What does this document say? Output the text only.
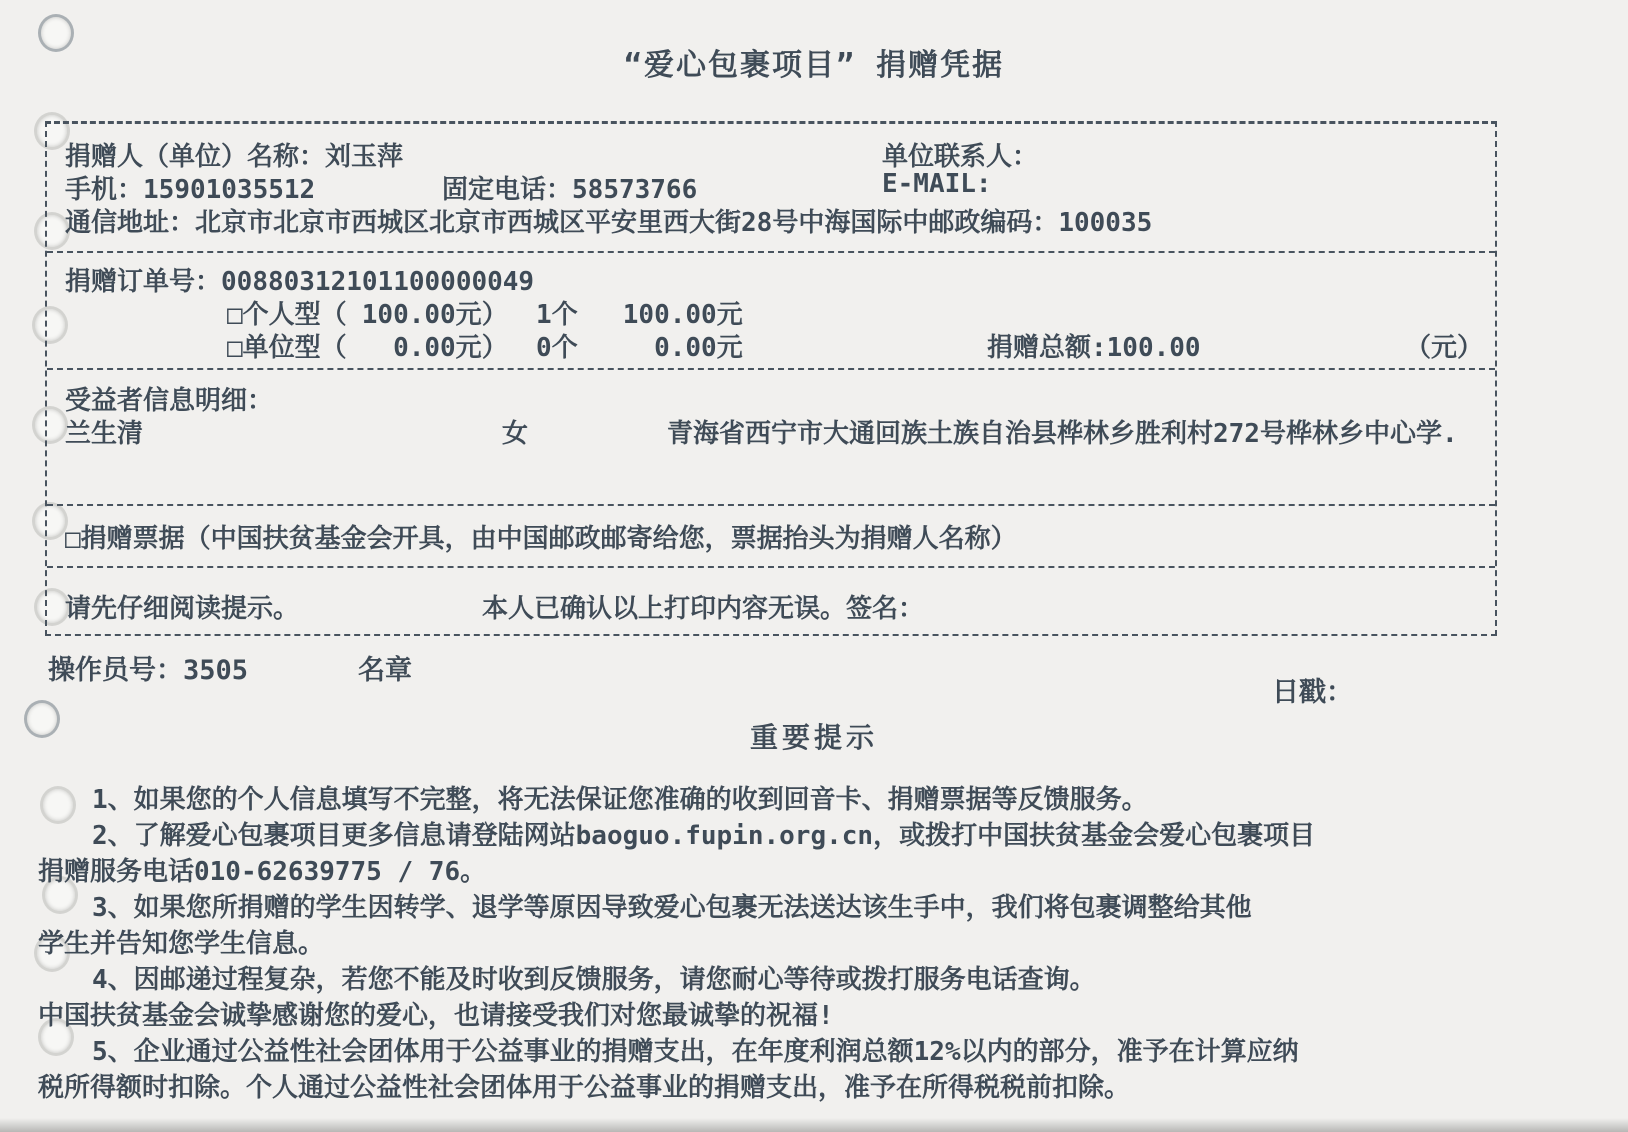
“爱心包裹项目” 捐赠凭据
捐赠人（单位）名称：刘玉萍	单位联系人：
手机：15901035512	固定电话：58573766	E-MAIL:
通信地址：北京市北京市西城区北京市西城区平安里西大街28号中海国际中邮政编码：100035
捐赠订单号：00880312101100000049
□个人型（ 100.00元） 1个 100.00元
□单位型（ 0.00元） 0个	0.00元	捐赠总额:100.00	（元）
受益者信息明细：
兰生清	女	青海省西宁市大通回族土族自治县桦林乡胜利村272号桦林乡中心学.
□捐赠票据（中国扶贫基金会开具，由中国邮政邮寄给您，票据抬头为捐赠人名称）
请先仔细阅读提示。	本人已确认以上打印内容无误。签名：
操作员号：3505	名章
日戳：
重要提示
1、如果您的个人信息填写不完整，将无法保证您准确的收到回音卡、捐赠票据等反馈服务。
2、了解爱心包裹项目更多信息请登陆网站baoguo.fupin.org.cn，或拨打中国扶贫基金会爱心包裹项目
捐赠服务电话010-62639775 / 76。
3、如果您所捐赠的学生因转学、退学等原因导致爱心包裹无法送达该生手中，我们将包裹调整给其他
学生并告知您学生信息。
4、因邮递过程复杂，若您不能及时收到反馈服务，请您耐心等待或拨打服务电话查询。
中国扶贫基金会诚挚感谢您的爱心，也请接受我们对您最诚挚的祝福!
5、企业通过公益性社会团体用于公益事业的捐赠支出，在年度利润总额12%以内的部分，准予在计算应纳
税所得额时扣除。个人通过公益性社会团体用于公益事业的捐赠支出，准予在所得税税前扣除。
